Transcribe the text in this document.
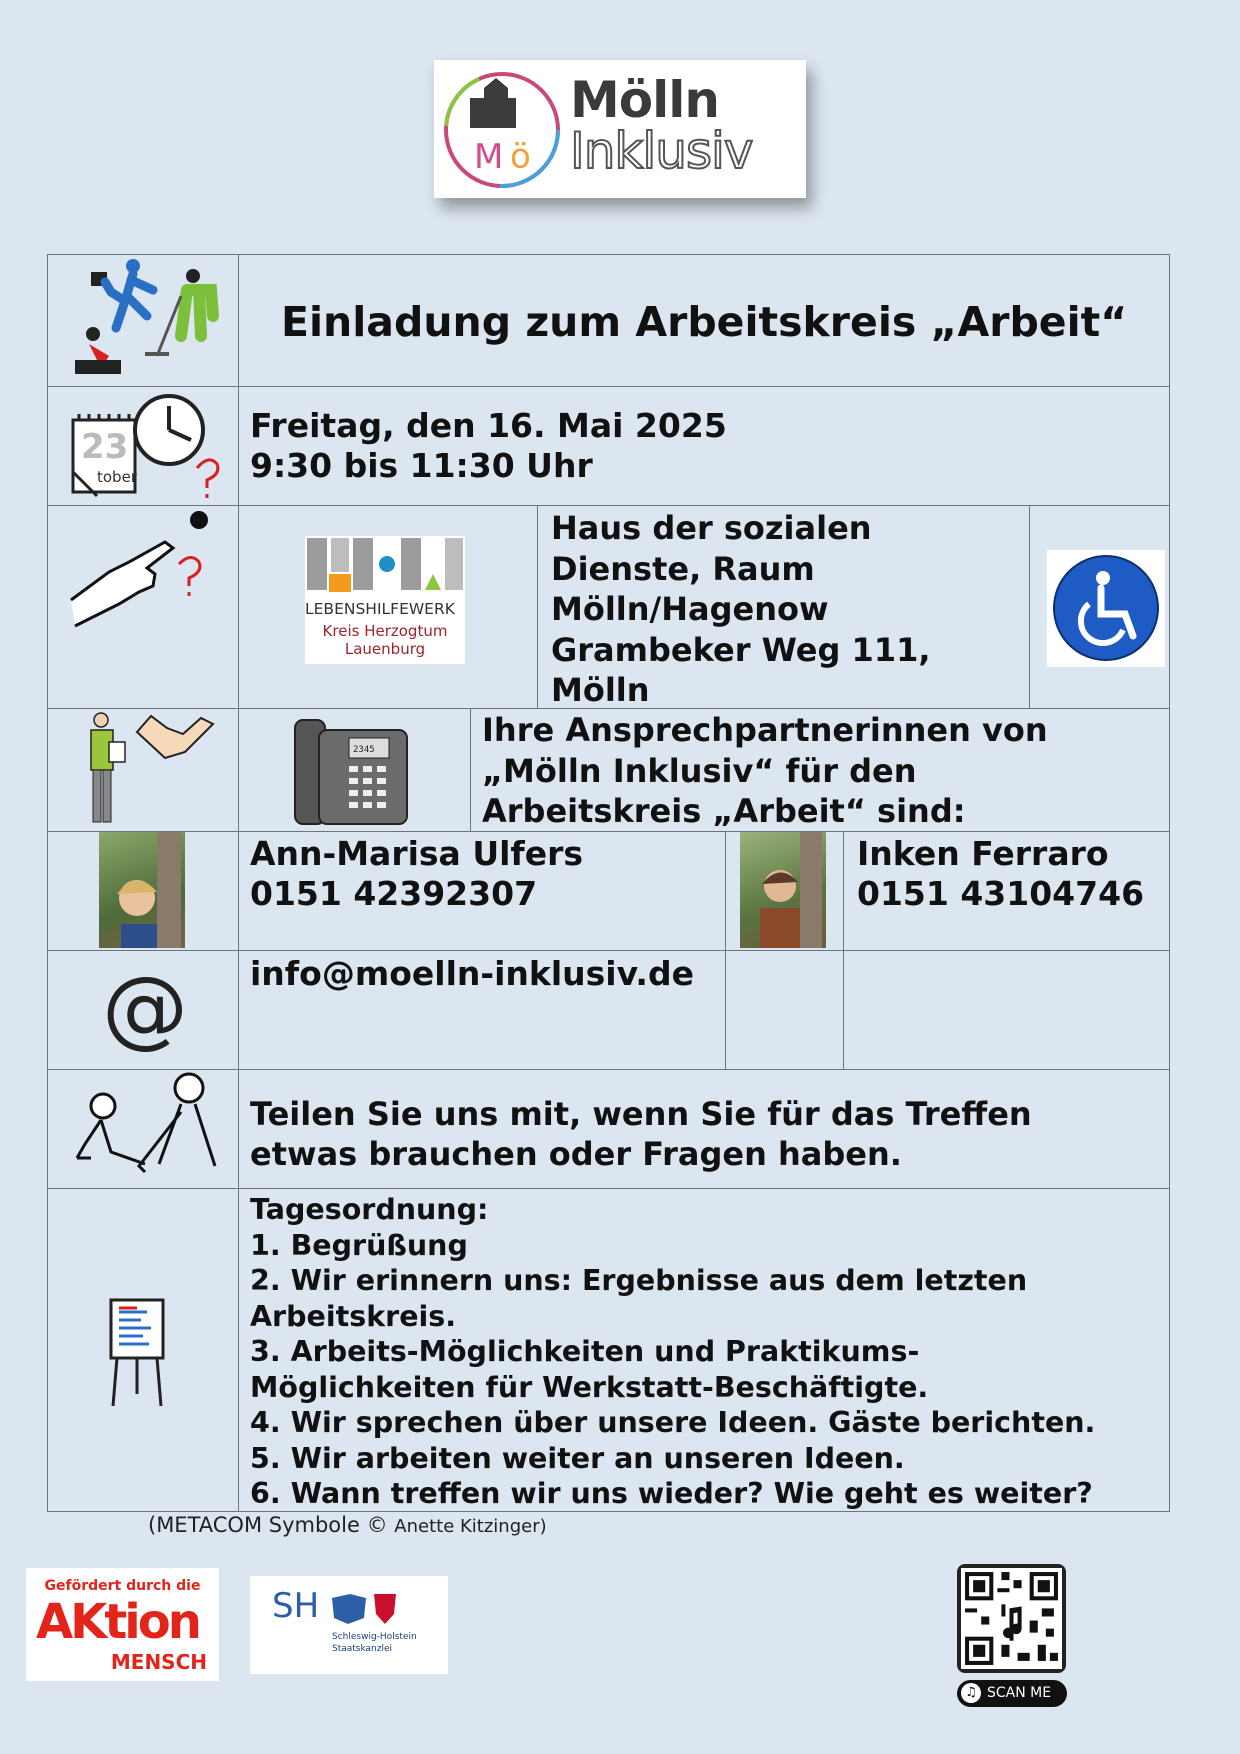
M ö
Mölln
Inklusiv
Einladung zum Arbeitskreis „Arbeit“
Freitag, den 16. Mai 2025
9:30 bis 11:30 Uhr
Haus der sozialen
Dienste, Raum
Mölln/Hagenow
Grambeker Weg 111,
Mölln
Ihre Ansprechpartnerinnen von
„Mölln Inklusiv“ für den
Arbeitskreis „Arbeit“ sind:
Ann-Marisa Ulfers
0151 42392307
Inken Ferraro
0151 43104746
info@moelln-inklusiv.de
Teilen Sie uns mit, wenn Sie für das Treffen
etwas brauchen oder Fragen haben.
Tagesordnung:
1. Begrüßung
2. Wir erinnern uns: Ergebnisse aus dem letzten
Arbeitskreis.
3. Arbeits-Möglichkeiten und Praktikums-
Möglichkeiten für Werkstatt-Beschäftigte.
4. Wir sprechen über unsere Ideen. Gäste berichten.
5. Wir arbeiten weiter an unseren Ideen.
6. Wann treffen wir uns wieder? Wie geht es weiter?
23
tober
LEBENSHILFEWERK
Kreis Herzogtum
Lauenburg
2345
@
(METACOM Symbole © Anette Kitzinger)
Gefördert durch die
AKtion
MENSCH
SH
Schleswig-Holstein
Staatskanzlei
♫ SCAN ME
